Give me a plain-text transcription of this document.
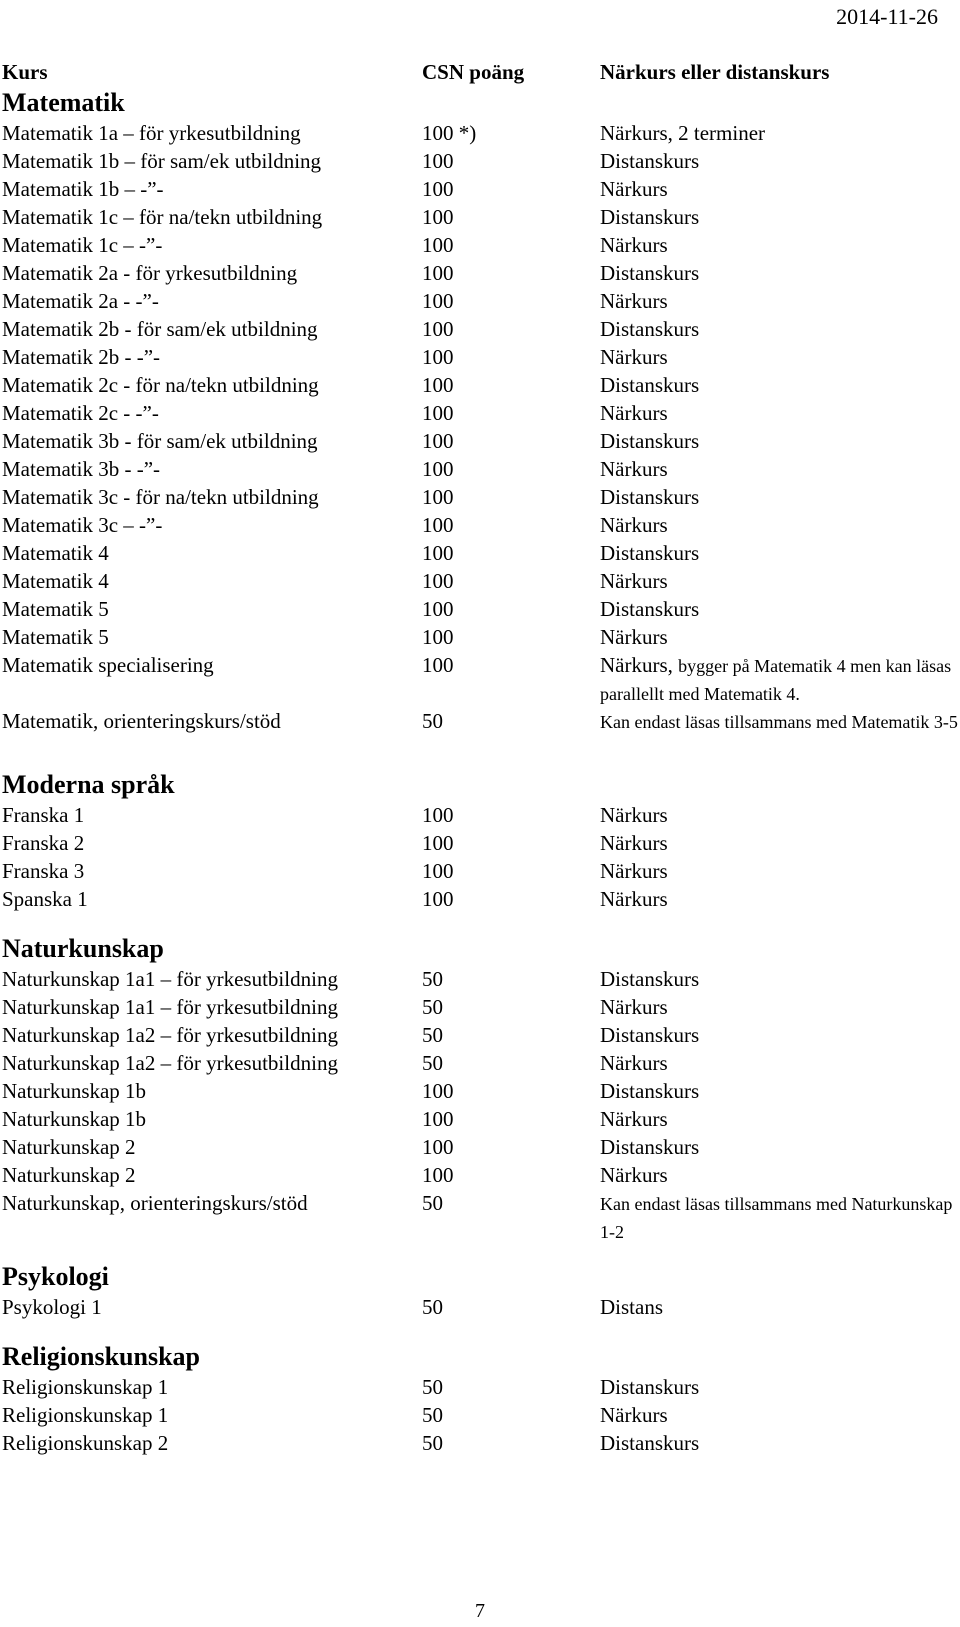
2014-11-26
Kurs	CSN poäng	Närkurs eller distanskurs
Matematik
Matematik 1a – för yrkesutbildning	100 *)	Närkurs, 2 terminer
Matematik 1b – för sam/ek utbildning	100	Distanskurs
Matematik 1b – -”-	100	Närkurs
Matematik 1c – för na/tekn utbildning	100	Distanskurs
Matematik 1c – -”-	100	Närkurs
Matematik 2a - för yrkesutbildning	100	Distanskurs
Matematik 2a - -”-	100	Närkurs
Matematik 2b - för sam/ek utbildning	100	Distanskurs
Matematik 2b - -”-	100	Närkurs
Matematik 2c - för na/tekn utbildning	100	Distanskurs
Matematik 2c - -”-	100	Närkurs
Matematik 3b - för sam/ek utbildning	100	Distanskurs
Matematik 3b - -”-	100	Närkurs
Matematik 3c - för na/tekn utbildning	100	Distanskurs
Matematik 3c – -”-	100	Närkurs
Matematik 4	100	Distanskurs
Matematik 4	100	Närkurs
Matematik 5	100	Distanskurs
Matematik 5	100	Närkurs
Matematik specialisering	100	Närkurs, bygger på Matematik 4 men kan läsas parallellt med Matematik 4.
Matematik, orienteringskurs/stöd	50	Kan endast läsas tillsammans med Matematik 3-5
Moderna språk
Franska 1	100	Närkurs
Franska 2	100	Närkurs
Franska 3	100	Närkurs
Spanska 1	100	Närkurs
Naturkunskap
Naturkunskap 1a1 – för yrkesutbildning	50	Distanskurs
Naturkunskap 1a1 – för yrkesutbildning	50	Närkurs
Naturkunskap 1a2 – för yrkesutbildning	50	Distanskurs
Naturkunskap 1a2 – för yrkesutbildning	50	Närkurs
Naturkunskap 1b	100	Distanskurs
Naturkunskap 1b	100	Närkurs
Naturkunskap 2	100	Distanskurs
Naturkunskap 2	100	Närkurs
Naturkunskap, orienteringskurs/stöd	50	Kan endast läsas tillsammans med Naturkunskap 1-2
Psykologi
Psykologi 1	50	Distans
Religionskunskap
Religionskunskap 1	50	Distanskurs
Religionskunskap 1	50	Närkurs
Religionskunskap 2	50	Distanskurs
7
